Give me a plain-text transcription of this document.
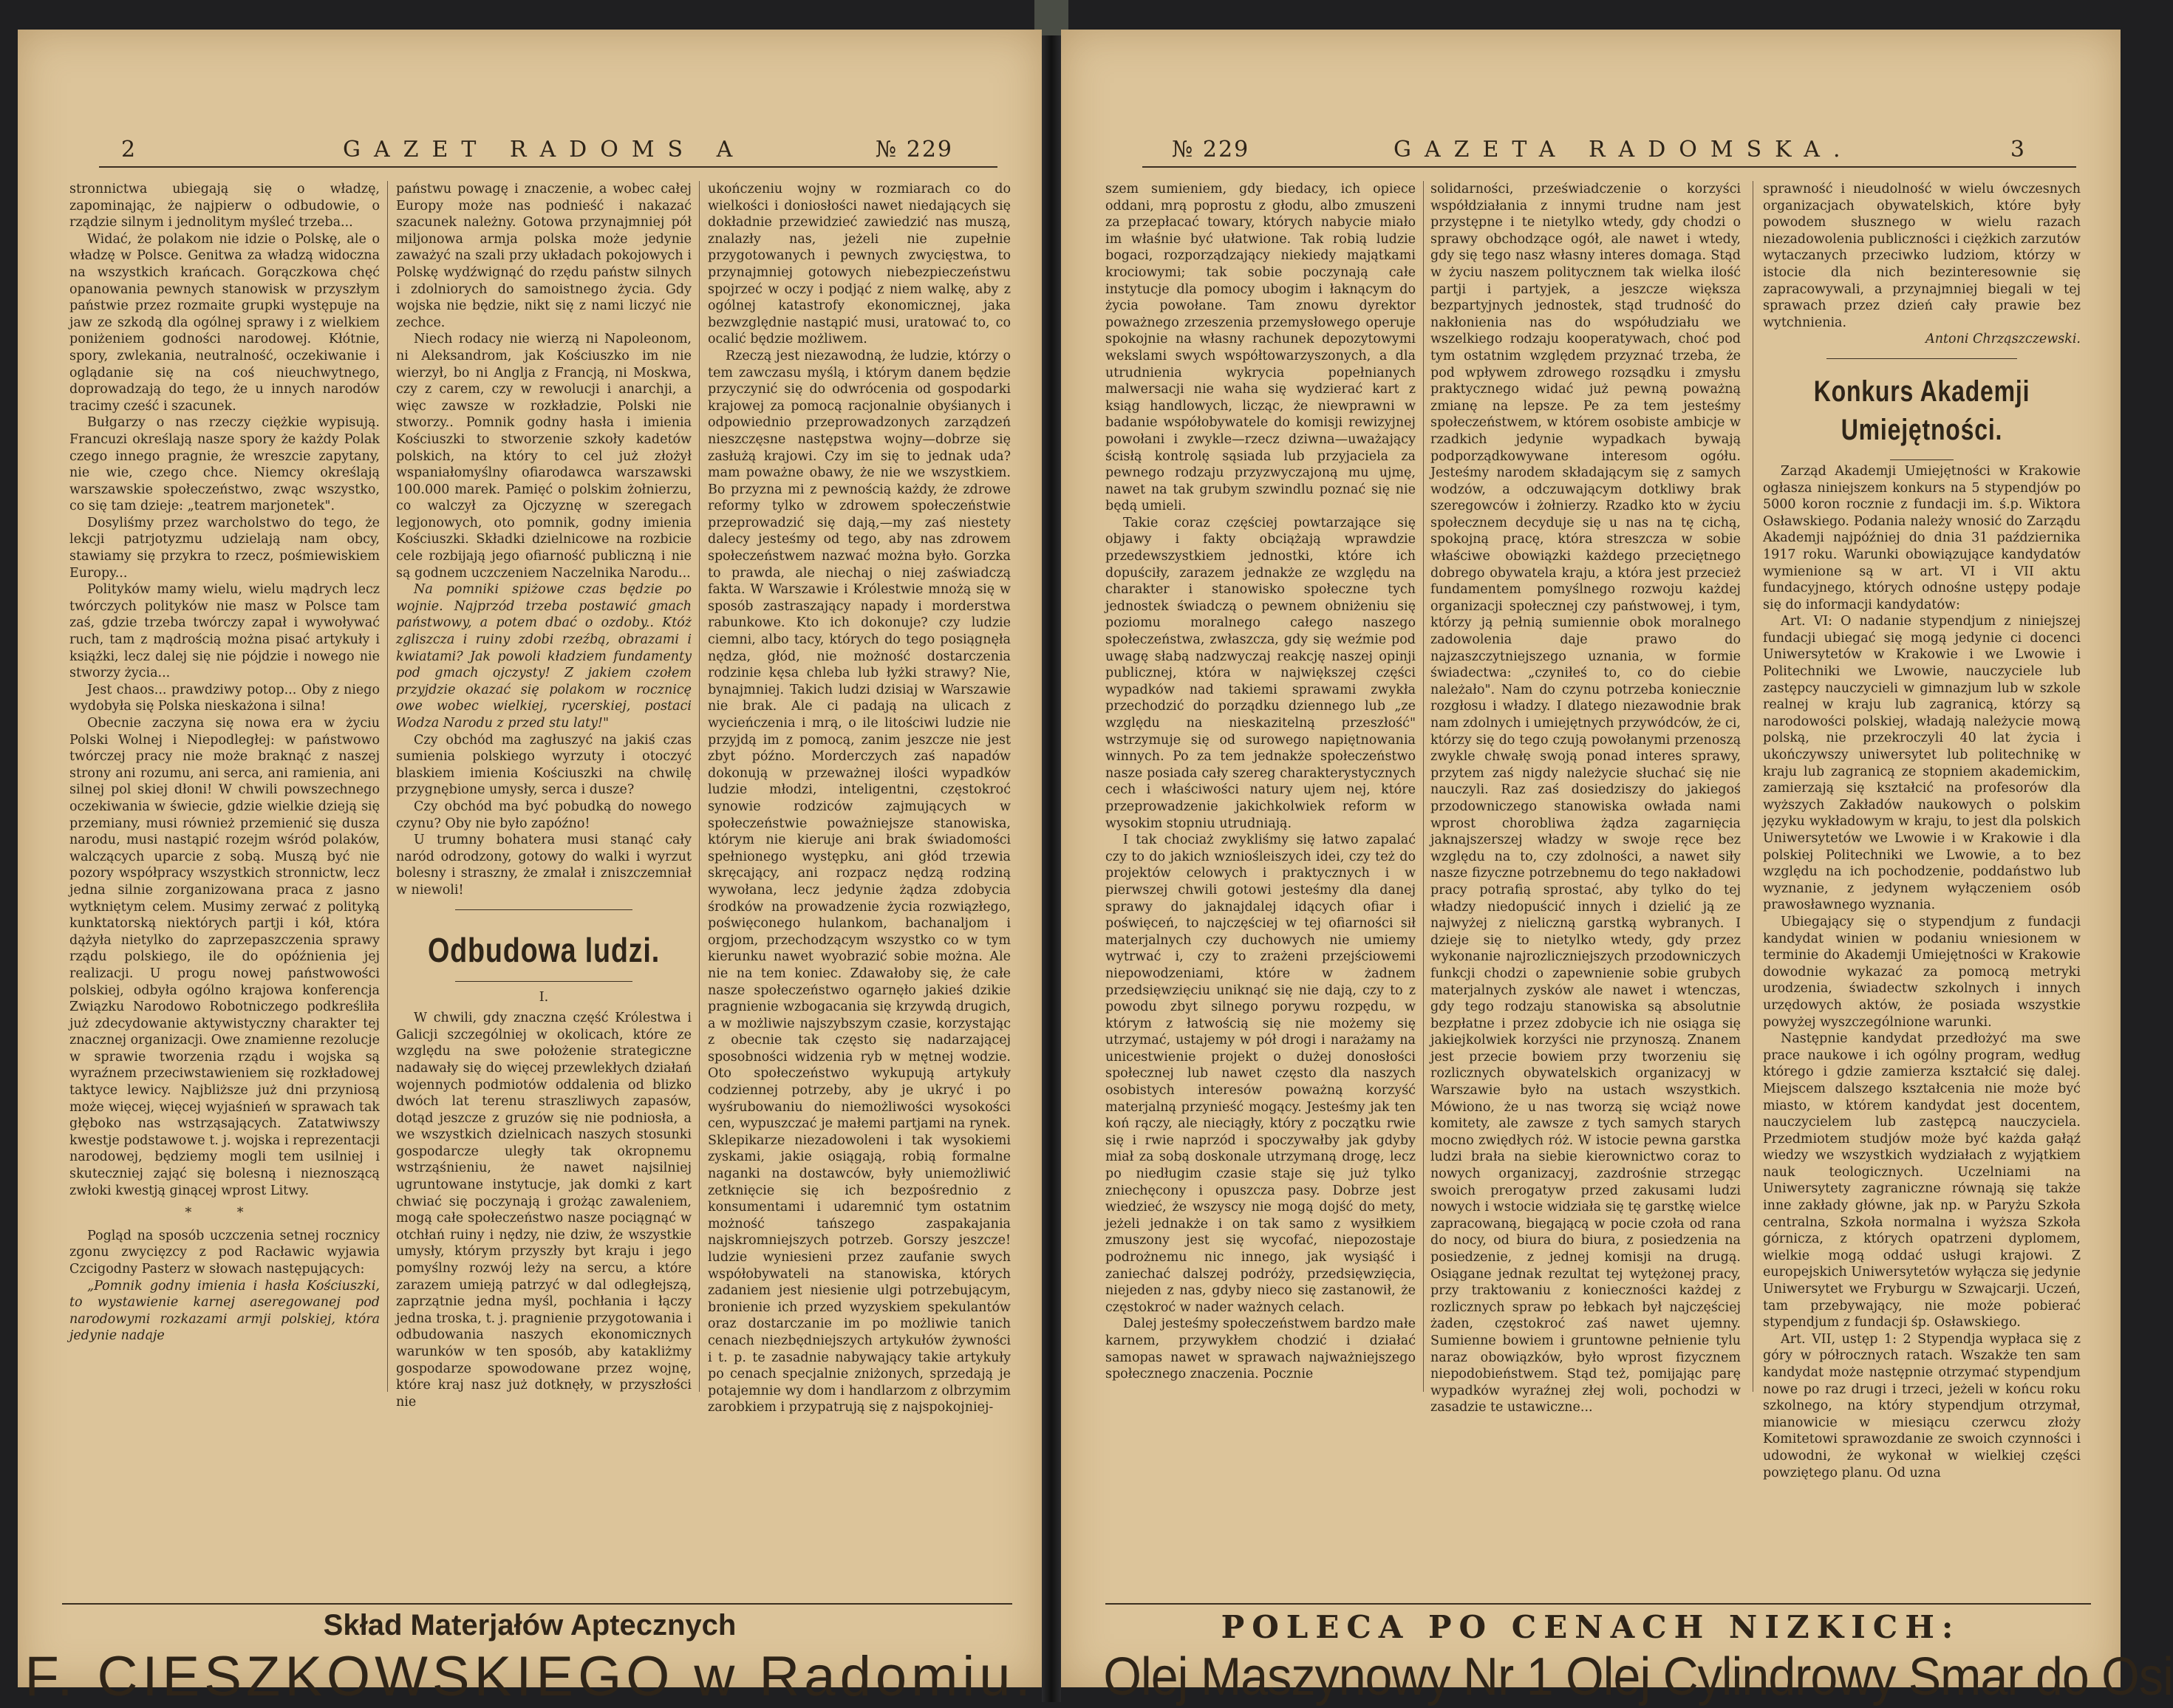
2	GAZET RADOMS A	№ 229

stronnictwa ubiegają się o władzę, zapominając, że najpierw o odbudowie, o rządzie silnym i jednolitym myśleć trzeba...

Widać, że polakom nie idzie o Polskę, ale o władzę w Polsce. Genitwa za władzą widoczna na wszystkich krańcach. Gorączkowa chęć opanowania pewnych stanowisk w przyszłym państwie przez rozmaite grupki występuje na jaw ze szkodą dla ogólnej sprawy i z wielkiem poniżeniem godności narodowej. Kłótnie, spory, zwlekania, neutralność, oczekiwanie i oglądanie się na coś nieuchwytnego, doprowadzają do tego, że u innych narodów tracimy cześć i szacunek.

Bułgarzy o nas rzeczy ciężkie wypisują. Francuzi określają nasze spory że każdy Polak czego innego pragnie, że wreszcie zapytany, nie wie, czego chce. Niemcy określają warszawskie społeczeństwo, zwąc wszystko, co się tam dzieje: „teatrem marjonetek".

Dosyliśmy przez warcholstwo do tego, że lekcji patrjotyzmu udzielają nam obcy, stawiamy się przykra to rzecz, pośmiewiskiem Europy...

Polityków mamy wielu, wielu mądrych lecz twórczych polityków nie masz w Polsce tam zaś, gdzie trzeba twórczy zapał i wywoływać ruch, tam z mądrością można pisać artykuły i książki, lecz dalej się nie pójdzie i nowego nie stworzy życia...

Jest chaos... prawdziwy potop... Oby z niego wydobyła się Polska nieskażona i silna!

Obecnie zaczyna się nowa era w życiu Polski Wolnej i Niepodległej: w państwowo twórczej pracy nie może braknąć z naszej strony ani rozumu, ani serca, ani ramienia, ani silnej pol skiej dłoni! W chwili powszechnego oczekiwania w świecie, gdzie wielkie dzieją się przemiany, musi również przemienić się dusza narodu, musi nastąpić rozejm wśród polaków, walczących uparcie z sobą. Muszą być nie pozory współpracy wszystkich stronnictw, lecz jedna silnie zorganizowana praca z jasno wytkniętym celem. Musimy zerwać z polityką kunktatorską niektórych partji i kół, która dążyła nietylko do zaprzepaszczenia sprawy rządu polskiego, ile do opóźnienia jej realizacji. U progu nowej państwowości polskiej, odbyła ogólno krajowa konferencja Związku Narodowo Robotniczego podkreśliła już zdecydowanie aktywistyczny charakter tej znacznej organizacji. Owe znamienne rezolucje w sprawie tworzenia rządu i wojska są wyraźnem przeciwstawieniem się rozkładowej taktyce lewicy. Najbliższe już dni przyniosą może więcej, więcej wyjaśnień w sprawach tak głęboko nas wstrząsających. Zatatwiwszy kwestje podstawowe t. j. wojska i reprezentacji narodowej, będziemy mogli tem usilniej i skuteczniej zająć się bolesną i nieznoszącą zwłoki kwestją ginącej wprost Litwy.

* *

Pogląd na sposób uczczenia setnej rocznicy zgonu zwycięzcy z pod Racławic wyjawia Czcigodny Pasterz w słowach następujących:

„Pomnik godny imienia i hasła Kościuszki, to wystawienie karnej aseregowanej pod narodowymi rozkazami armji polskiej, która jedynie nadaje

państwu powagę i znaczenie, a wobec całej Europy może nas podnieść i nakazać szacunek należny. Gotowa przynajmniej pół miljonowa armja polska może jedynie zaważyć na szali przy układach pokojowych i Polskę wydźwignąć do rzędu państw silnych i zdolniorych do samoistnego życia. Gdy wojska nie będzie, nikt się z nami liczyć nie zechce.

Niech rodacy nie wierzą ni Napoleonom, ni Aleksandrom, jak Kościuszko im nie wierzył, bo ni Anglja z Francją, ni Moskwa, czy z carem, czy w rewolucji i anarchji, a więc zawsze w rozkładzie, Polski nie stworzy.. Pomnik godny hasła i imienia Kościuszki to stworzenie szkoły kadetów polskich, na który to cel już złożył wspaniałomyślny ofiarodawca warszawski 100.000 marek. Pamięć o polskim żołnierzu, co walczył za Ojczyznę w szeregach legjonowych, oto pomnik, godny imienia Kościuszki. Składki dzielnicowe na rozbicie cele rozbijają jego ofiarność publiczną i nie są godnem uczczeniem Naczelnika Narodu...

Na pomniki spiżowe czas będzie po wojnie. Najprzód trzeba postawić gmach państwowy, a potem dbać o ozdoby.. Któż zgliszcza i ruiny zdobi rzeźbą, obrazami i kwiatami? Jak powoli kładziem fundamenty pod gmach ojczysty! Z jakiem czołem przyjdzie okazać się polakom w rocznicę owe wobec wielkiej, rycerskiej, postaci Wodza Narodu z przed stu laty!"

Czy obchód ma zagłuszyć na jakiś czas sumienia polskiego wyrzuty i otoczyć blaskiem imienia Kościuszki na chwilę przygnębione umysły, serca i dusze?

Czy obchód ma być pobudką do nowego czynu? Oby nie było zapóźno!

U trumny bohatera musi stanąć cały naród odrodzony, gotowy do walki i wyrzut bolesny i straszny, że zmalał i zniszczemniał w niewoli!

Odbudowa ludzi.

I.

W chwili, gdy znaczna część Królestwa i Galicji szczególniej w okolicach, które ze względu na swe położenie strategiczne nadawały się do więcej przewlekłych działań wojennych podmiotów oddalenia od blizko dwóch lat terenu straszliwych zapasów, dotąd jeszcze z gruzów się nie podniosła, a we wszystkich dzielnicach naszych stosunki gospodarcze uległy tak okropnemu wstrząśnieniu, że nawet najsilniej ugruntowane instytucje, jak domki z kart chwiać się poczynają i grożąc zawaleniem, mogą całe społeczeństwo nasze pociągnąć w otchłań ruiny i nędzy, nie dziw, że wszystkie umysły, którym przyszły byt kraju i jego pomyślny rozwój leży na sercu, a które zarazem umieją patrzyć w dal odległejszą, zaprzątnie jedna myśl, pochłania i łączy jedna troska, t. j. pragnienie przygotowania i odbudowania naszych ekonomicznych warunków w ten sposób, aby katakliżmy gospodarze spowodowane przez wojnę, które kraj nasz już dotknęły, w przyszłości nie

ukończeniu wojny w rozmiarach co do wielkości i doniosłości nawet niedających się dokładnie przewidzieć zawiedzić nas muszą, znalazły nas, jeżeli nie zupełnie przygotowanych i pewnych zwycięstwa, to przynajmniej gotowych niebezpieczeństwu spojrzeć w oczy i podjąć z niem walkę, aby z ogólnej katastrofy ekonomicznej, jaka bezwzględnie nastąpić musi, uratować to, co ocalić będzie możliwem.

Rzeczą jest niezawodną, że ludzie, którzy o tem zawczasu myślą, i którym danem będzie przyczynić się do odwrócenia od gospodarki krajowej za pomocą racjonalnie obyśianych i odpowiednio przeprowadzonych zarządzeń nieszczęsne następstwa wojny—dobrze się zasłużą krajowi. Czy im się to jednak uda? mam poważne obawy, że nie we wszystkiem. Bo przyzna mi z pewnością każdy, że zdrowe reformy tylko w zdrowem społeczeństwie przeprowadzić się dają,—my zaś niestety dalecy jesteśmy od tego, aby nas zdrowem społeczeństwem nazwać można było. Gorzka to prawda, ale niechaj o niej zaświadczą fakta. W Warszawie i Królestwie mnożą się w sposób zastraszający napady i morderstwa rabunkowe. Kto ich dokonuje? czy ludzie ciemni, albo tacy, których do tego posiągnęła nędza, głód, nie możność dostarczenia rodzinie kęsa chleba lub łyżki strawy? Nie, bynajmniej. Takich ludzi dzisiaj w Warszawie nie brak. Ale ci padają na ulicach z wycieńczenia i mrą, o ile litościwi ludzie nie przyjdą im z pomocą, zanim jeszcze nie jest zbyt późno. Morderczych zaś napadów dokonują w przeważnej ilości wypadków ludzie młodzi, inteligentni, częstokroć synowie rodziców zajmujących w społeczeństwie poważniejsze stanowiska, którym nie kieruje ani brak świadomości spełnionego występku, ani głód trzewia skręcający, ani rozpacz nędzą rodziną wywołana, lecz jedynie żądza zdobycia środków na prowadzenie życia rozwiązłego, poświęconego hulankom, bachanaljom i orgjom, przechodzącym wszystko co w tym kierunku nawet wyobrazić sobie można. Ale nie na tem koniec. Zdawałoby się, że całe nasze społeczeństwo ogarnęło jakieś dzikie pragnienie wzbogacania się krzywdą drugich, a w możliwie najszybszym czasie, korzystając z obecnie tak często się nadarzającej sposobności widzenia ryb w mętnej wodzie. Oto społeczeństwo wykupują artykuły codziennej potrzeby, aby je ukryć i po wyśrubowaniu do niemożliwości wysokości cen, wypuszczać je małemi partjami na rynek. Sklepikarze niezadowoleni i tak wysokiemi zyskami, jakie osiągają, robią formalne naganki na dostawców, były uniemożliwić zetknięcie się ich bezpośrednio z konsumentami i udaremnić tym ostatnim możność tańszego zaspakajania najskromniejszych potrzeb. Gorszy jeszcze! ludzie wyniesieni przez zaufanie swych współobywateli na stanowiska, których zadaniem jest niesienie ulgi potrzebującym, bronienie ich przed wyzyskiem spekulantów oraz dostarczanie im po możliwie tanich cenach niezbędniejszych artykułów żywności i t. p. te zasadnie nabywający takie artykuły po cenach specjalnie zniżonych, sprzedają je potajemnie wy dom i handlarzom z olbrzymim zarobkiem i przypatrują się z najspokojniej-

Skład Materjałów Aptecznych
F. CIESZKOWSKIEGO w Radomiu.
№ 229	GAZETA RADOMSKA.	3

szem sumieniem, gdy biedacy, ich opiece oddani, mrą poprostu z głodu, albo zmuszeni za przepłacać towary, których nabycie miało im właśnie być ułatwione. Tak robią ludzie bogaci, rozporządzający niekiedy majątkami krociowymi; tak sobie poczynają całe instytucje dla pomocy ubogim i łaknącym do życia powołane. Tam znowu dyrektor poważnego zrzeszenia przemysłowego operuje spokojnie na własny rachunek depozytowymi wekslami swych współtowarzyszonych, a dla utrudnienia wykrycia popełnianych malwersacji nie waha się wydzierać kart z ksiąg handlowych, licząc, że niewprawni w badanie współobywatele do komisji rewizyjnej powołani i zwykle—rzecz dziwna—uważający ścisłą kontrolę sąsiada lub przyjaciela za pewnego rodzaju przyzwyczajoną mu ujmę, nawet na tak grubym szwindlu poznać się nie będą umieli.

Takie coraz częściej powtarzające się objawy i fakty obciążają wprawdzie przedewszystkiem jednostki, które ich dopuściły, zarazem jednakże ze względu na charakter i stanowisko społeczne tych jednostek świadczą o pewnem obniżeniu się poziomu moralnego całego naszego społeczeństwa, zwłaszcza, gdy się weźmie pod uwagę słabą nadzwyczaj reakcję naszej opinji publicznej, która w największej części wypadków nad takiemi sprawami zwykła przechodzić do porządku dziennego lub „ze względu na nieskazitelną przeszłość" wstrzymuje się od surowego napiętnowania winnych. Po za tem jednakże społeczeństwo nasze posiada cały szereg charakterystycznych cech i właściwości natury ujem nej, które przeprowadzenie jakichkolwiek reform w wysokim stopniu utrudniają.

I tak chociaż zwykliśmy się łatwo zapalać czy to do jakich wzniośleiszych idei, czy też do projektów celowych i praktycznych i w pierwszej chwili gotowi jesteśmy dla danej sprawy do jaknajdalej idących ofiar i poświęceń, to najczęściej w tej ofiarności sił materjalnych czy duchowych nie umiemy wytrwać i, czy to zrażeni przejściowemi niepowodzeniami, które w żadnem przedsięwzięciu uniknąć się nie dają, czy to z powodu zbyt silnego porywu rozpędu, w którym z łatwością się nie możemy się utrzymać, ustajemy w pół drogi i narażamy na unicestwienie projekt o dużej donosłości społecznej lub nawet często dla naszych osobistych interesów poważną korzyść materjalną przynieść mogący. Jesteśmy jak ten koń rączy, ale nieciągły, który z początku rwie się i rwie naprzód i spoczywałby jak gdyby miał za sobą doskonale utrzymaną drogę, lecz po niedługim czasie staje się już tylko zniechęcony i opuszcza pasy. Dobrze jest wiedzieć, że wszyscy nie mogą dojść do mety, jeżeli jednakże i on tak samo z wysiłkiem zmuszony jest się wycofać, niepozostaje podrożnemu nic innego, jak wysiąść i zaniechać dalszej podróży, przedsięwzięcia, niejeden z nas, gdyby nieco się zastanowił, że częstokroć w nader ważnych celach.

Dalej jesteśmy społeczeństwem bardzo małe karnem, przywykłem chodzić i działać samopas nawet w sprawach najważniejszego społecznego znaczenia. Pocznie

solidarności, przeświadczenie o korzyści współdziałania z innymi trudne nam jest przystępne i te nietylko wtedy, gdy chodzi o sprawy obchodzące ogół, ale nawet i wtedy, gdy się tego nasz własny interes domaga. Stąd w życiu naszem politycznem tak wielka ilość partji i partyjek, a jeszcze większa bezpartyjnych jednostek, stąd trudność do nakłonienia nas do współudziału we wszelkiego rodzaju kooperatywach, choć pod tym ostatnim względem przyznać trzeba, że pod wpływem zdrowego rozsądku i zmysłu praktycznego widać już pewną poważną zmianę na lepsze. Pe za tem jesteśmy społeczeństwem, w którem osobiste ambicje w rzadkich jedynie wypadkach bywają podporządkowywane interesom ogółu. Jesteśmy narodem składającym się z samych wodzów, a odczuwającym dotkliwy brak szeregowców i żołnierzy. Rzadko kto w życiu społecznem decyduje się u nas na tę cichą, spokojną pracę, która streszcza w sobie właściwe obowiązki każdego przeciętnego dobrego obywatela kraju, a która jest przecież fundamentem pomyślnego rozwoju każdej organizacji społecznej czy państwowej, i tym, którzy ją pełnią sumiennie obok moralnego zadowolenia daje prawo do najzaszczytniejszego uznania, w formie świadectwa: „czyniłeś to, co do ciebie należało". Nam do czynu potrzeba koniecznie rozgłosu i władzy. I dlatego niezawodnie brak nam zdolnych i umiejętnych przywódców, że ci, którzy się do tego czują powołanymi przenoszą zwykle chwałę swoją ponad interes sprawy, przytem zaś nigdy należycie słuchać się nie nauczyli. Raz zaś dosiedziszy do jakiegoś przodowniczego stanowiska owłada nami wprost chorobliwa żądza zagarnięcia jaknajszerszej władzy w swoje ręce bez względu na to, czy zdolności, a nawet siły nasze fizyczne potrzebnemu do tego nakładowi pracy potrafią sprostać, aby tylko do tej władzy niedopuścić innych i dzielić ją ze najwyżej z nieliczną garstką wybranych. I dzieje się to nietylko wtedy, gdy przez wykonanie najrozliczniejszych przodowniczych funkcji chodzi o zapewnienie sobie grubych materjalnych zysków ale nawet i wtenczas, gdy tego rodzaju stanowiska są absolutnie bezpłatne i przez zdobycie ich nie osiąga się jakiejkolwiek korzyści nie przynoszą. Znanem jest przecie bowiem przy tworzeniu się rozlicznych obywatelskich organizacyj w Warszawie było na ustach wszystkich. Mówiono, że u nas tworzą się wciąż nowe komitety, ale zawsze z tych samych starych mocno zwiędłych róż. W istocie pewna garstka ludzi brała na siebie kierownictwo coraz to nowych organizacyj, zazdrośnie strzegąc swoich prerogatyw przed zakusami ludzi nowych i wstocie widziała się tę garstkę wielce zapracowaną, biegającą w pocie czoła od rana do nocy, od biura do biura, z posiedzenia na posiedzenie, z jednej komisji na drugą. Osiągane jednak rezultat tej wytężonej pracy, przy traktowaniu z konieczności każdej z rozlicznych spraw po łebkach był najczęściej żaden, częstokroć zaś nawet ujemny. Sumienne bowiem i gruntowne pełnienie tylu naraz obowiązków, było wprost fizycznem niepodobieństwem. Stąd też, pomijając parę wypadków wyraźnej złej woli, pochodzi w zasadzie te ustawiczne...

sprawność i nieudolność w wielu ówczesnych organizacjach obywatelskich, które były powodem słusznego w wielu razach niezadowolenia publiczności i ciężkich zarzutów wytaczanych przeciwko ludziom, którzy w istocie dla nich bezinteresownie się zapracowywali, a przynajmniej biegali w tej sprawach przez dzień cały prawie bez wytchnienia.

Antoni Chrząszczewski.

Konkurs Akademji
Umiejętności.

Zarząd Akademji Umiejętności w Krakowie ogłasza niniejszem konkurs na 5 stypendjów po 5000 koron rocznie z fundacji im. ś.p. Wiktora Osławskiego. Podania należy wnosić do Zarządu Akademji najpóźniej do dnia 31 października 1917 roku. Warunki obowiązujące kandydatów wymienione są w art. VI i VII aktu fundacyjnego, których odnośne ustępy podaje się do informacji kandydatów:

Art. VI: O nadanie stypendjum z niniejszej fundacji ubiegać się mogą jedynie ci docenci Uniwersytetów w Krakowie i we Lwowie i Politechniki we Lwowie, nauczyciele lub zastępcy nauczycieli w gimnazjum lub w szkole realnej w kraju lub zagranicą, którzy są narodowości polskiej, władają należycie mową polską, nie przekroczyli 40 lat życia i ukończywszy uniwersytet lub politechnikę w kraju lub zagranicą ze stopniem akademickim, zamierzają się kształcić na profesorów dla wyższych Zakładów naukowych o polskim języku wykładowym w kraju, to jest dla polskich Uniwersytetów we Lwowie i w Krakowie i dla polskiej Politechniki we Lwowie, a to bez względu na ich pochodzenie, poddaństwo lub wyznanie, z jedynem wyłączeniem osób prawosławnego wyznania.

Ubiegający się o stypendjum z fundacji kandydat winien w podaniu wniesionem w terminie do Akademji Umiejętności w Krakowie dowodnie wykazać za pomocą metryki urodzenia, świadectw szkolnych i innych urzędowych aktów, że posiada wszystkie powyżej wyszczególnione warunki.

Następnie kandydat przedłożyć ma swe prace naukowe i ich ogólny program, według którego i gdzie zamierza kształcić się dalej. Miejscem dalszego kształcenia nie może być miasto, w którem kandydat jest docentem, nauczycielem lub zastępcą nauczyciela. Przedmiotem studjów może być każda gałąź wiedzy we wszystkich wydziałach z wyjątkiem nauk teologicznych. Uczelniami na Uniwersytety zagraniczne równają się także inne zakłady główne, jak np. w Paryżu Szkoła centralna, Szkoła normalna i wyższa Szkoła górnicza, z których opatrzeni dyplomem, wielkie mogą oddać usługi krajowi. Z europejskich Uniwersytetów wyłącza się jedynie Uniwersytet we Fryburgu w Szwajcarji. Uczeń, tam przebywający, nie może pobierać stypendjum z fundacji śp. Osławskiego.

Art. VII, ustęp 1: 2 Stypendja wypłaca się z góry w półrocznych ratach. Wszakże ten sam kandydat może następnie otrzymać stypendjum nowe po raz drugi i trzeci, jeżeli w końcu roku szkolnego, na który stypendjum otrzymał, mianowicie w miesiącu czerwcu złoży Komitetowi sprawozdanie ze swoich czynności i udowodni, że wykonał w wielkiej części powziętego planu. Od uzna

POLECA PO CENACH NIZKICH:
Olej Maszynowy Nr 1 Olej Cylindrowy Smar do Osi
